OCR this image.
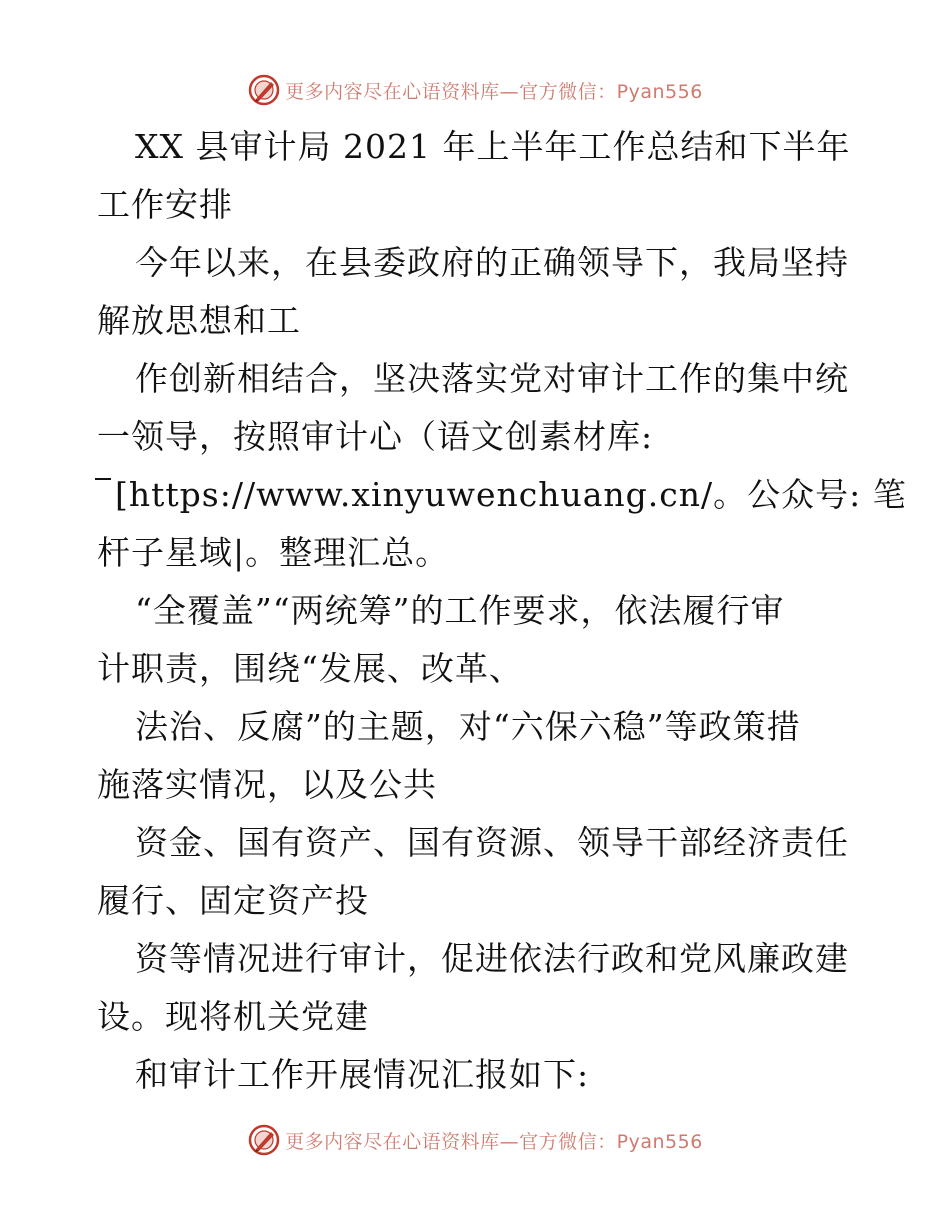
更多内容尽在心语资料库—官方微信：Pyan556
XX 县审计局 2021 年上半年工作总结和下半年
工作安排
今年以来，在县委政府的正确领导下，我局坚持
解放思想和工
作创新相结合，坚决落实党对审计工作的集中统
一领导，按照审计心（语文创素材库:
[https://www.xinyuwenchuang.cn/。公众号: 笔
杆子星域|。整理汇总。
“全覆盖”“两统筹”的工作要求，依法履行审
计职责，围绕“发展、改革、
法治、反腐”的主题，对“六保六稳”等政策措
施落实情况，以及公共
资金、国有资产、国有资源、领导干部经济责任
履行、固定资产投
资等情况进行审计，促进依法行政和党风廉政建
设。现将机关党建
和审计工作开展情况汇报如下:
更多内容尽在心语资料库—官方微信：Pyan556
